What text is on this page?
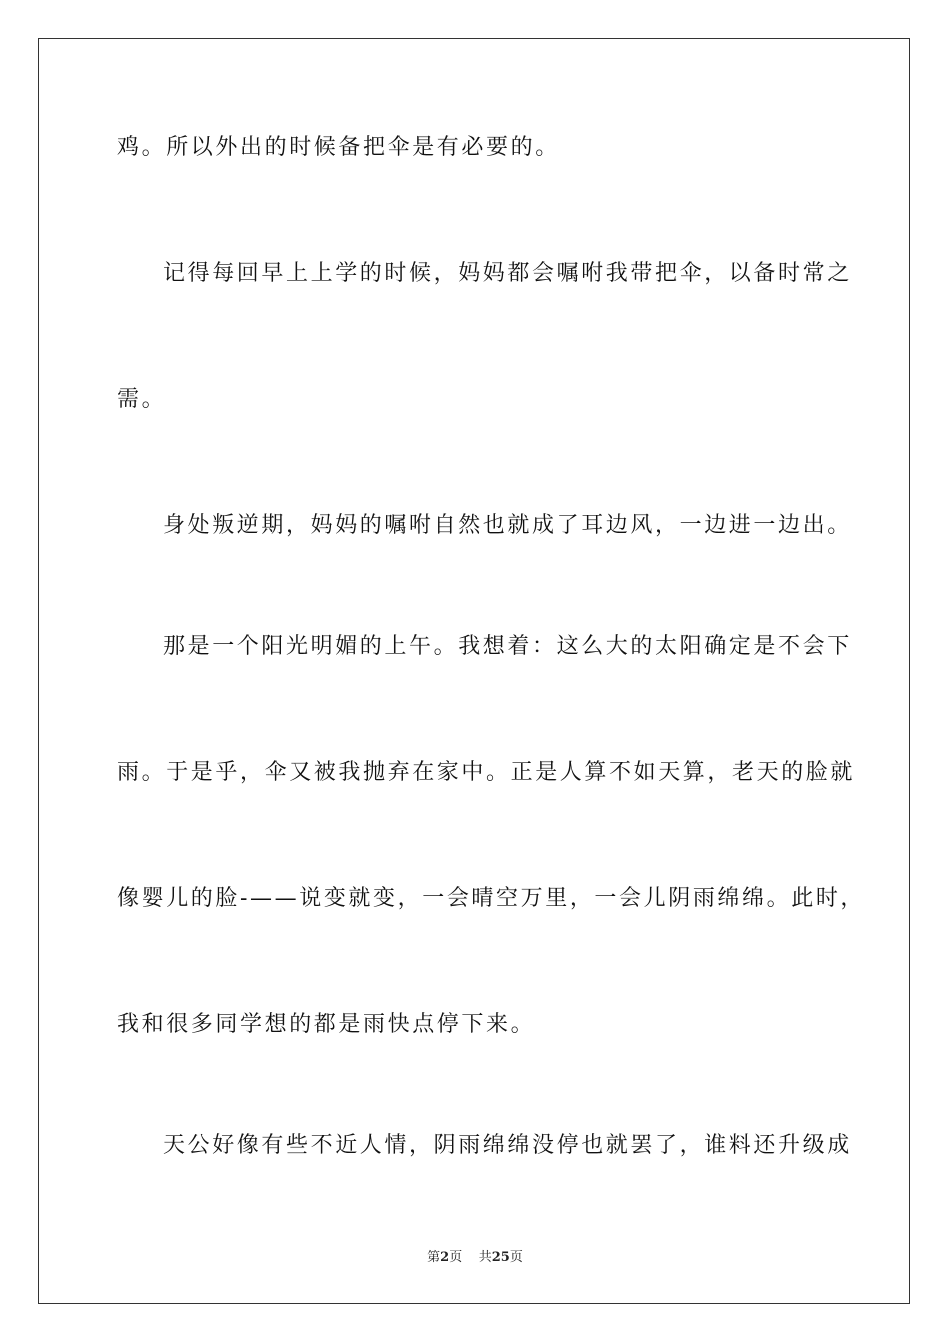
鸡。所以外出的时候备把伞是有必要的。
记得每回早上上学的时候，妈妈都会嘱咐我带把伞，以备时常之
需。
身处叛逆期，妈妈的嘱咐自然也就成了耳边风，一边进一边出。
那是一个阳光明媚的上午。我想着：这么大的太阳确定是不会下
雨。于是乎，伞又被我抛弃在家中。正是人算不如天算，老天的脸就
像婴儿的脸-——说变就变，一会晴空万里，一会儿阴雨绵绵。此时，
我和很多同学想的都是雨快点停下来。
天公好像有些不近人情，阴雨绵绵没停也就罢了，谁料还升级成
第2页 共25页
